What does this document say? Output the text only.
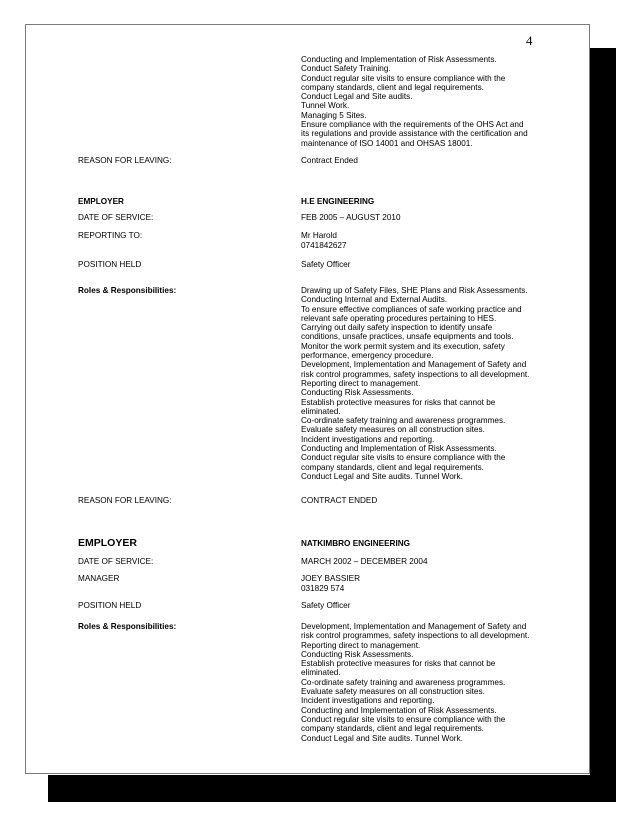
4
Conducting and Implementation of Risk Assessments.
Conduct Safety Training.
Conduct regular site visits to ensure compliance with the
company standards, client and legal requirements.
Conduct Legal and Site audits.
Tunnel Work.
Managing 5 Sites.
Ensure compliance with the requirements of the OHS Act and
its regulations and provide assistance with the certification and
maintenance of ISO 14001 and OHSAS 18001.
REASON FOR LEAVING:	Contract Ended
EMPLOYER	H.E ENGINEERING
DATE OF SERVICE:	FEB 2005 – AUGUST 2010
REPORTING TO:	Mr Harold
0741842627
POSITION HELD	Safety Officer
Roles & Responsibilities:	Drawing up of Safety Files, SHE Plans and Risk Assessments.
Conducting Internal and External Audits.
To ensure effective compliances of safe working practice and
relevant safe operating procedures pertaining to HES.
Carrying out daily safety inspection to identify unsafe
conditions, unsafe practices, unsafe equipments and tools.
Monitor the work permit system and its execution, safety
performance, emergency procedure.
Development, Implementation and Management of Safety and
risk control programmes, safety inspections to all development.
Reporting direct to management.
Conducting Risk Assessments.
Establish protective measures for risks that cannot be
eliminated.
Co-ordinate safety training and awareness programmes.
Evaluate safety measures on all construction sites.
Incident investigations and reporting.
Conducting and Implementation of Risk Assessments.
Conduct regular site visits to ensure compliance with the
company standards, client and legal requirements.
Conduct Legal and Site audits. Tunnel Work.
REASON FOR LEAVING:	CONTRACT ENDED
EMPLOYER	NATKIMBRO ENGINEERING
DATE OF SERVICE:	MARCH 2002 – DECEMBER 2004
MANAGER	JOEY BASSIER
031829 574
POSITION HELD	Safety Officer
Roles & Responsibilities:	Development, Implementation and Management of Safety and
risk control programmes, safety inspections to all development.
Reporting direct to management.
Conducting Risk Assessments.
Establish protective measures for risks that cannot be
eliminated.
Co-ordinate safety training and awareness programmes.
Evaluate safety measures on all construction sites.
Incident investigations and reporting.
Conducting and Implementation of Risk Assessments.
Conduct regular site visits to ensure compliance with the
company standards, client and legal requirements.
Conduct Legal and Site audits. Tunnel Work.
